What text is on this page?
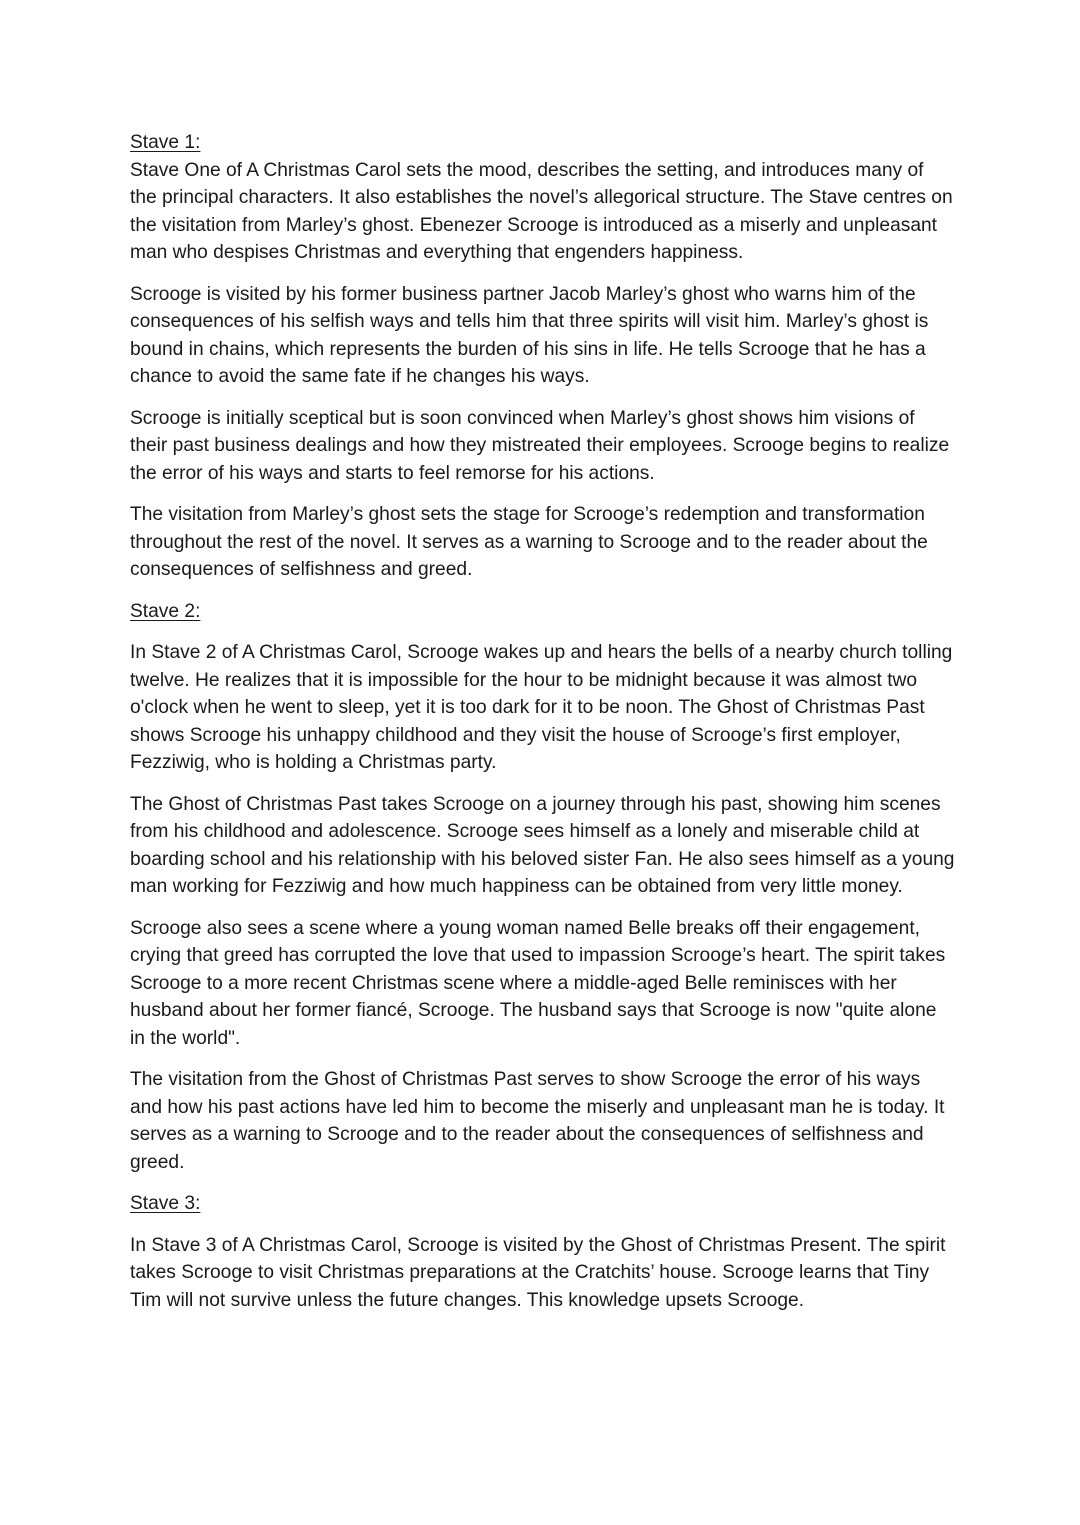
Stave 1:

Stave One of A Christmas Carol sets the mood, describes the setting, and introduces many of the principal characters. It also establishes the novel’s allegorical structure. The Stave centres on the visitation from Marley’s ghost. Ebenezer Scrooge is introduced as a miserly and unpleasant man who despises Christmas and everything that engenders happiness.

Scrooge is visited by his former business partner Jacob Marley’s ghost who warns him of the consequences of his selfish ways and tells him that three spirits will visit him. Marley’s ghost is bound in chains, which represents the burden of his sins in life. He tells Scrooge that he has a chance to avoid the same fate if he changes his ways.

Scrooge is initially sceptical but is soon convinced when Marley’s ghost shows him visions of their past business dealings and how they mistreated their employees. Scrooge begins to realize the error of his ways and starts to feel remorse for his actions.

The visitation from Marley’s ghost sets the stage for Scrooge’s redemption and transformation throughout the rest of the novel. It serves as a warning to Scrooge and to the reader about the consequences of selfishness and greed.

Stave 2:

In Stave 2 of A Christmas Carol, Scrooge wakes up and hears the bells of a nearby church tolling twelve. He realizes that it is impossible for the hour to be midnight because it was almost two o'clock when he went to sleep, yet it is too dark for it to be noon. The Ghost of Christmas Past shows Scrooge his unhappy childhood and they visit the house of Scrooge’s first employer, Fezziwig, who is holding a Christmas party.

The Ghost of Christmas Past takes Scrooge on a journey through his past, showing him scenes from his childhood and adolescence. Scrooge sees himself as a lonely and miserable child at boarding school and his relationship with his beloved sister Fan. He also sees himself as a young man working for Fezziwig and how much happiness can be obtained from very little money.

Scrooge also sees a scene where a young woman named Belle breaks off their engagement, crying that greed has corrupted the love that used to impassion Scrooge’s heart. The spirit takes Scrooge to a more recent Christmas scene where a middle-aged Belle reminisces with her husband about her former fiancé, Scrooge. The husband says that Scrooge is now "quite alone in the world".

The visitation from the Ghost of Christmas Past serves to show Scrooge the error of his ways and how his past actions have led him to become the miserly and unpleasant man he is today. It serves as a warning to Scrooge and to the reader about the consequences of selfishness and greed.

Stave 3:

In Stave 3 of A Christmas Carol, Scrooge is visited by the Ghost of Christmas Present. The spirit takes Scrooge to visit Christmas preparations at the Cratchits’ house. Scrooge learns that Tiny Tim will not survive unless the future changes. This knowledge upsets Scrooge.
